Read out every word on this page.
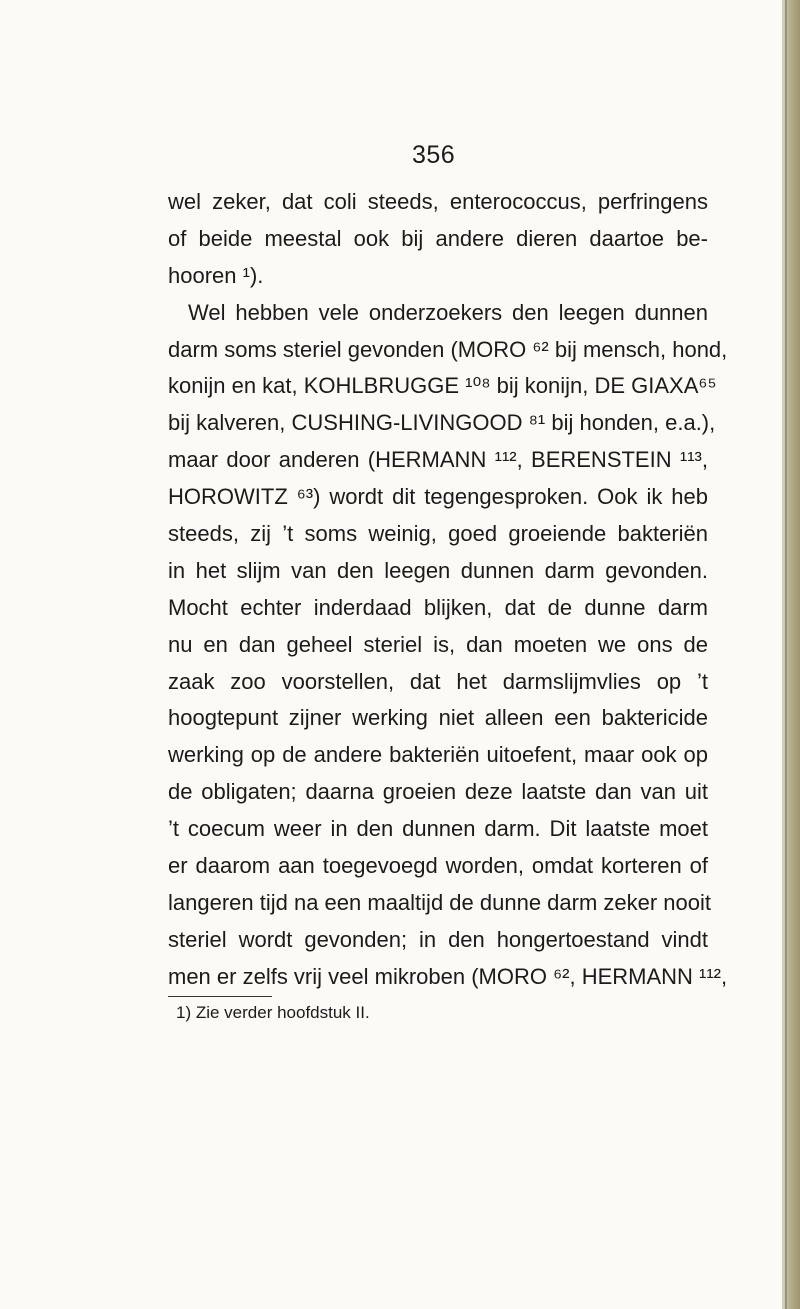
356
wel zeker, dat coli steeds, enterococcus, perfringens
of beide meestal ook bij andere dieren daartoe be-
hooren ¹).
Wel hebben vele onderzoekers den leegen dunnen
darm soms steriel gevonden (MORO ⁶² bij mensch, hond,
konijn en kat, KOHLBRUGGE ¹⁰⁸ bij konijn, DE GIAXA⁶⁵
bij kalveren, CUSHING-LIVINGOOD ⁸¹ bij honden, e.a.),
maar door anderen (HERMANN ¹¹², BERENSTEIN ¹¹³,
HOROWITZ ⁶³) wordt dit tegengesproken. Ook ik heb
steeds, zij ’t soms weinig, goed groeiende bakteriën
in het slijm van den leegen dunnen darm gevonden.
Mocht echter inderdaad blijken, dat de dunne darm
nu en dan geheel steriel is, dan moeten we ons de
zaak zoo voorstellen, dat het darmslijmvlies op ’t
hoogtepunt zijner werking niet alleen een baktericide
werking op de andere bakteriën uitoefent, maar ook op
de obligaten; daarna groeien deze laatste dan van uit
’t coecum weer in den dunnen darm. Dit laatste moet
er daarom aan toegevoegd worden, omdat korteren of
langeren tijd na een maaltijd de dunne darm zeker nooit
steriel wordt gevonden; in den hongertoestand vindt
men er zelfs vrij veel mikroben (MORO ⁶², HERMANN ¹¹²,
1) Zie verder hoofdstuk II.
